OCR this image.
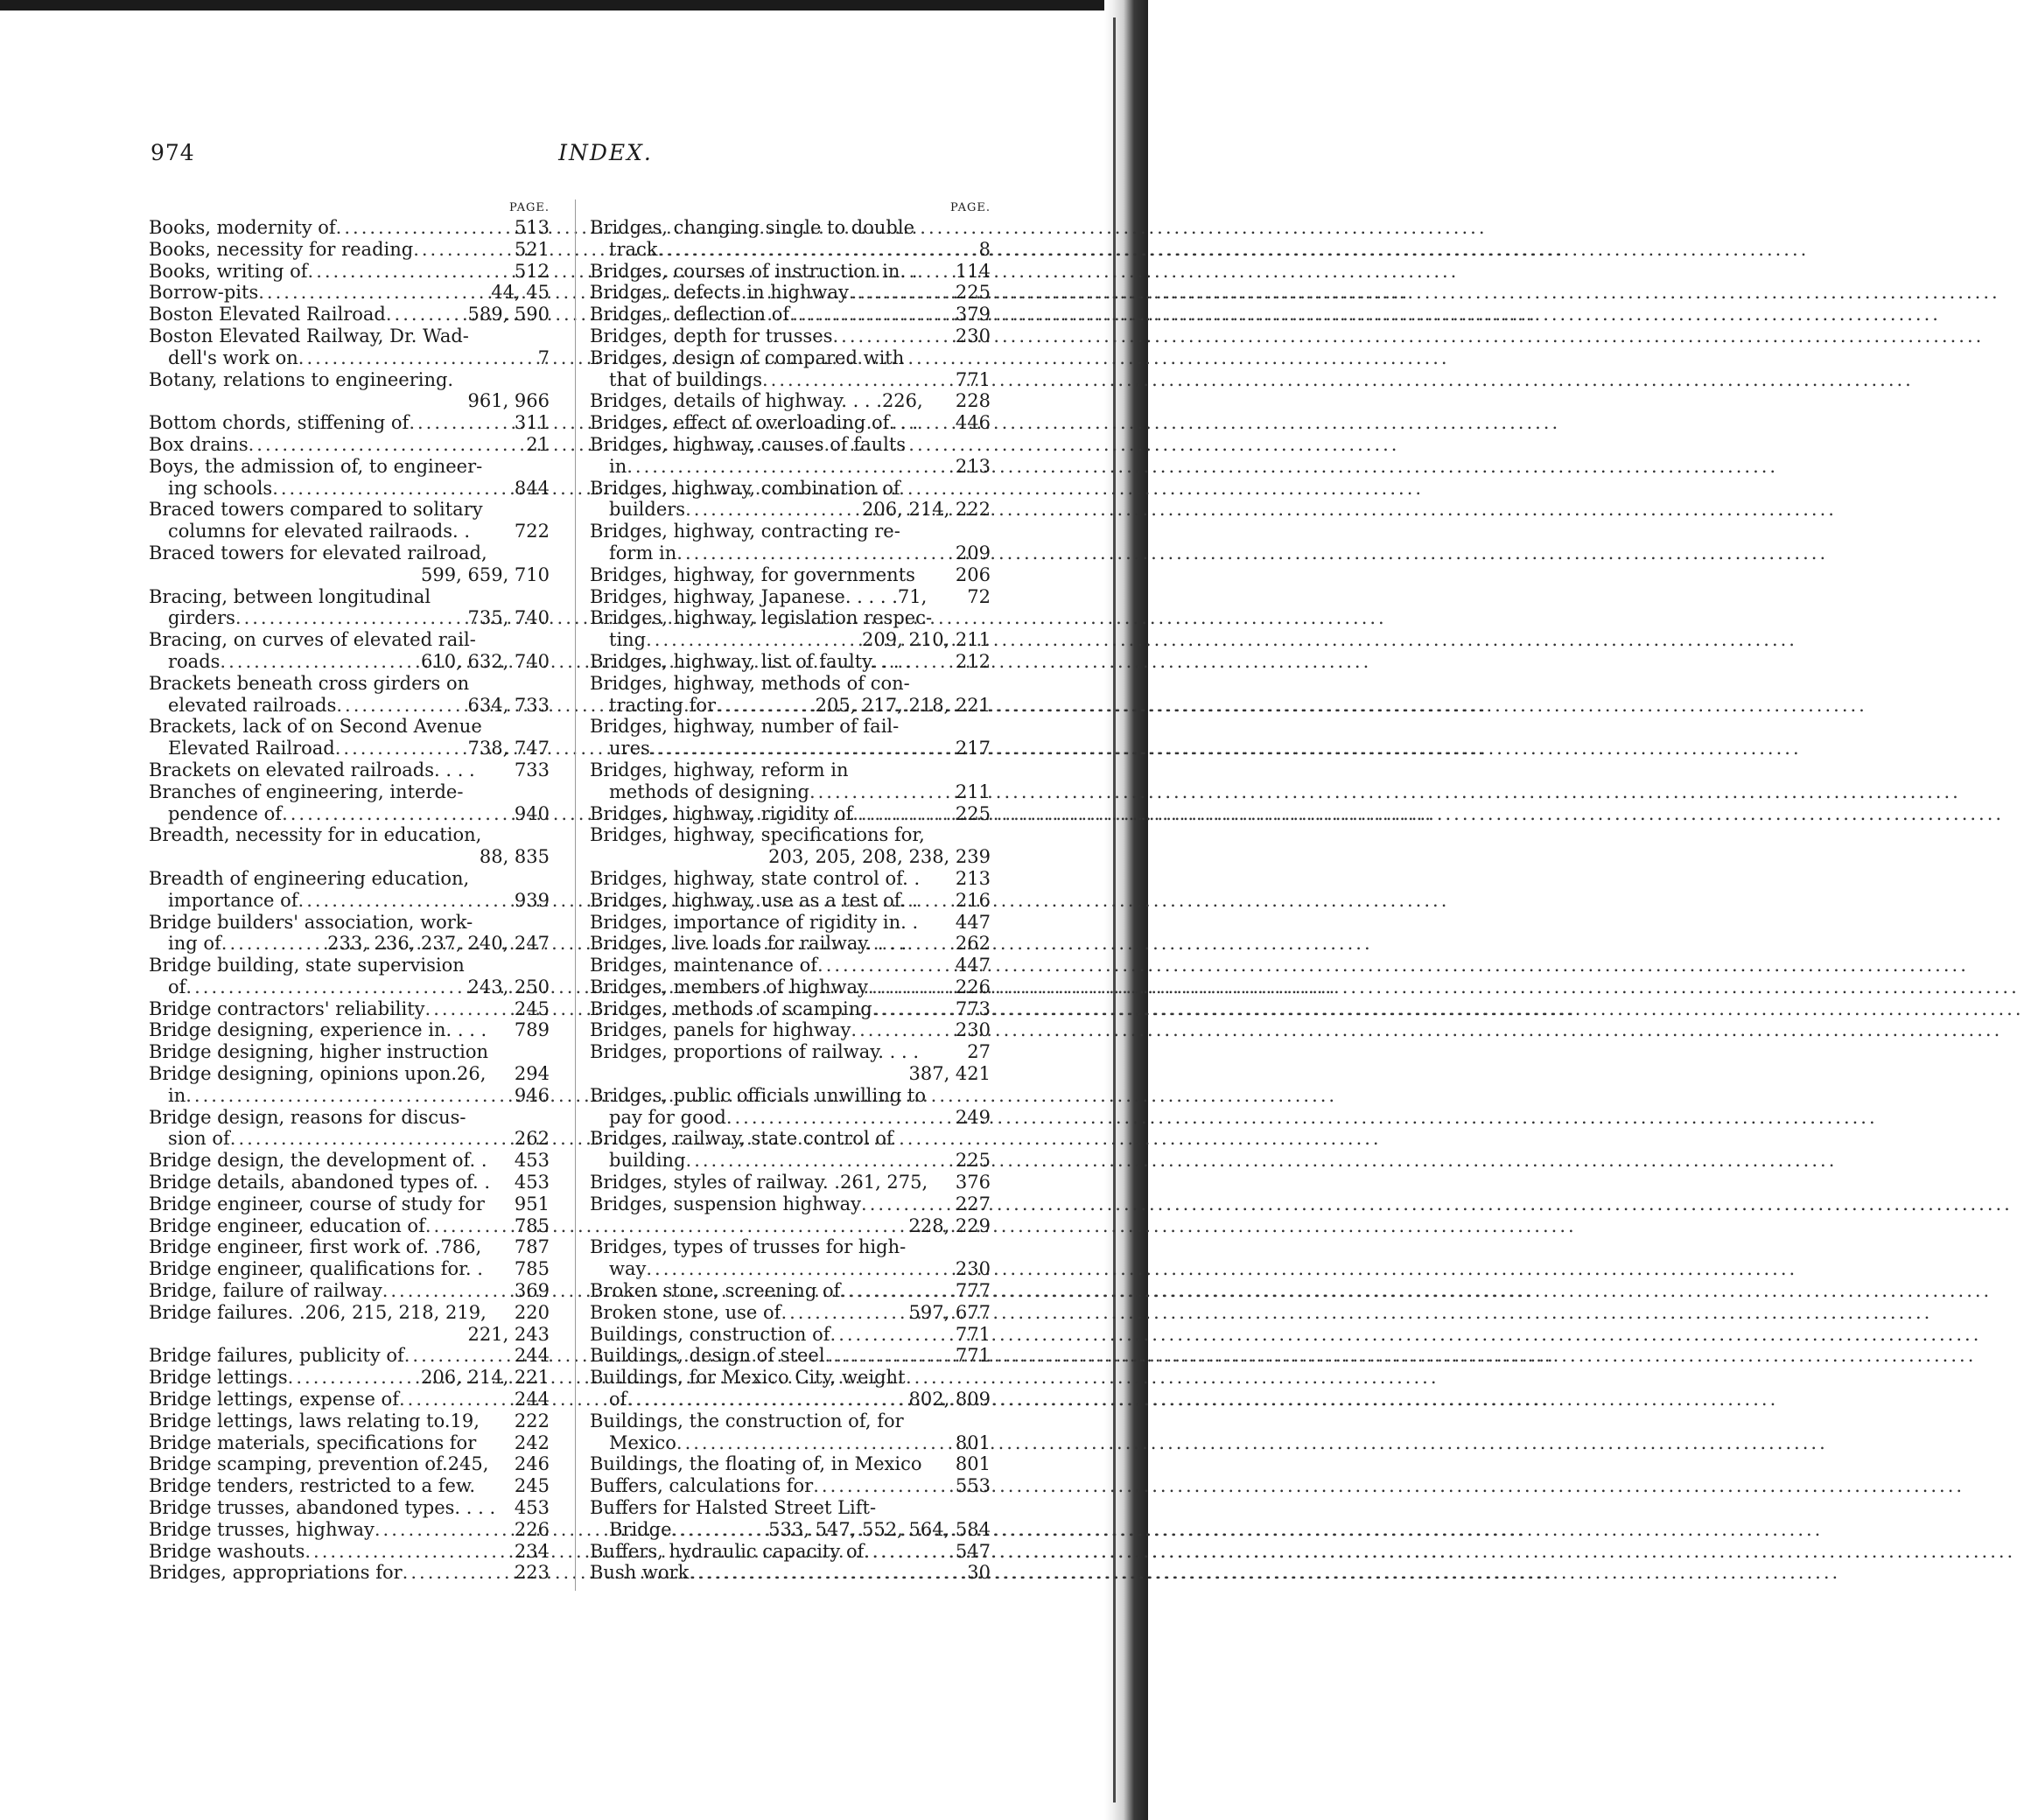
974	INDEX.
PAGE.
Books, modernity of .....	513
Books, necessity for reading .....	521
Books, writing of .....	512
Borrow-pits .....	44, 45
Boston Elevated Railroad .....	589, 590
Boston Elevated Railway, Dr. Wad-
dell's work on .....	7
Botany, relations to engineering.
961, 966
Bottom chords, stiffening of .....	311
Box drains .....	21
Boys, the admission of, to engineer-
ing schools .....	844
Braced towers compared to solitary
columns for elevated railraods. . 722
Braced towers for elevated railroad,
599, 659, 710
Bracing, between longitudinal
girders .....	735, 740
Bracing, on curves of elevated rail-
roads .....	610, 632, 740
Brackets beneath cross girders on
elevated railroads .....	634, 733
Brackets, lack of on Second Avenue
Elevated Railroad .....	738, 747
Brackets on elevated railroads. . . . 733
Branches of engineering, interde-
pendence of .....	940
Breadth, necessity for in education,
88, 835
Breadth of engineering education,
importance of .....	939
Bridge builders' association, work-
ing of .....	233, 236, 237, 240, 247
Bridge building, state supervision
of .....	243, 250
Bridge contractors' reliability .....	245
Bridge designing, experience in. . . . 789
Bridge designing, higher instruction
Bridge designing, opinions upon.26, 294
in .....	946
Bridge design, reasons for discus-
sion of .....	262
Bridge design, the development of. . 453
Bridge details, abandoned types of. . 453
Bridge engineer, course of study for 951
Bridge engineer, education of .....	785
Bridge engineer, first work of. .786, 787
Bridge engineer, qualifications for. . 785
Bridge, failure of railway .....	369
Bridge failures. .206, 215, 218, 219, 220
221, 243
Bridge failures, publicity of .....	244
Bridge lettings .....	206, 214, 221
Bridge lettings, expense of .....	244
Bridge lettings, laws relating to.19, 222
Bridge materials, specifications for 242
Bridge scamping, prevention of.245, 246
Bridge tenders, restricted to a few. 245
Bridge trusses, abandoned types. . . . 453
Bridge trusses, highway .....	226
Bridge washouts .....	234
Bridges, appropriations for .....	223
PAGE.
Bridges, changing single to double
track .....	8
Bridges, courses of instruction in. . 114
Bridges, defects in highway .....	225
Bridges, deflection of .....	379
Bridges, depth for trusses .....	230
Bridges, design of compared with
that of buildings .....	771
Bridges, details of highway. . . .226, 228
Bridges, effect of overloading of. . . 446
Bridges, highway, causes of faults
in .....	213
Bridges, highway, combination of
builders .....	206, 214, 222
Bridges, highway, contracting re-
form in .....	209
Bridges, highway, for governments 206
Bridges, highway, Japanese. . . . .71, 72
Bridges, highway, legislation respec-
ting .....	209, 210, 211
Bridges, highway, list of faulty. . . . 212
Bridges, highway, methods of con-
tracting for .....	205, 217, 218, 221
Bridges, highway, number of fail-
ures .....	217
Bridges, highway, reform in
methods of designing .....	211
Bridges, highway, rigidity of .....	225
Bridges, highway, specifications for,
203, 205, 208, 238, 239
Bridges, highway, state control of. . 213
Bridges, highway, use as a test of. . 216
Bridges, importance of rigidity in. . 447
Bridges, live loads for railway. . . .	262
Bridges, maintenance of .....	447
Bridges, members of highway .....	226
Bridges, methods of scamping .....	773
Bridges, panels for highway .....	230
Bridges, proportions of railway. . . .	27
387, 421
Bridges, public officials unwilling to
pay for good .....	249
Bridges, railway, state control of
building .....	225
Bridges, styles of railway. .261, 275, 376
Bridges, suspension highway .....	227
228, 229
Bridges, types of trusses for high-
way .....	230
Broken stone, screening of .....	777
Broken stone, use of .....	597, 677
Buildings, construction of .....	771
Buildings, design of steel .....	771
Buildings, for Mexico City, weight
of .....	802, 809
Buildings, the construction of, for
Mexico .....	801
Buildings, the floating of, in Mexico 801
Buffers, calculations for .....	553
Buffers for Halsted Street Lift-
Bridge .....	533, 547, 552, 564, 584
Buffers, hydraulic capacity of .....	547
Bush work .....	30
